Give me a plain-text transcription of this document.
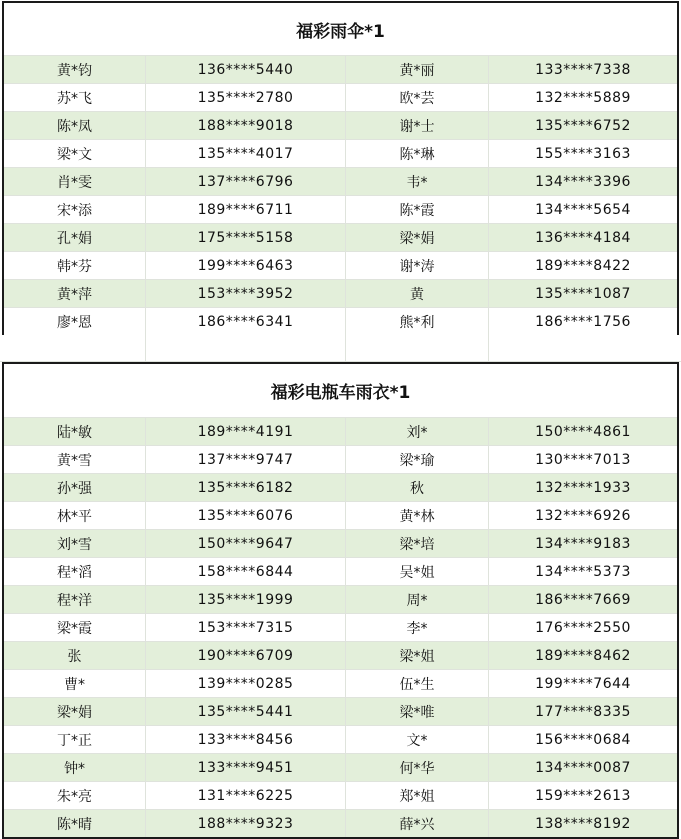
福彩雨伞*1
黄*钧	136****5440	黄*丽	133****7338
苏*飞	135****2780	欧*芸	132****5889
陈*凤	188****9018	谢*士	135****6752
梁*文	135****4017	陈*琳	155****3163
肖*雯	137****6796	韦*	134****3396
宋*添	189****6711	陈*霞	134****5654
孔*娟	175****5158	梁*娟	136****4184
韩*芬	199****6463	谢*涛	189****8422
黄*萍	153****3952	黄	135****1087
廖*恩	186****6341	熊*利	186****1756
福彩电瓶车雨衣*1
陆*敏	189****4191	刘*	150****4861
黄*雪	137****9747	梁*瑜	130****7013
孙*强	135****6182	秋	132****1933
林*平	135****6076	黄*林	132****6926
刘*雪	150****9647	梁*培	134****9183
程*滔	158****6844	吴*姐	134****5373
程*洋	135****1999	周*	186****7669
梁*霞	153****7315	李*	176****2550
张	190****6709	梁*姐	189****8462
曹*	139****0285	伍*生	199****7644
梁*娟	135****5441	梁*唯	177****8335
丁*正	133****8456	文*	156****0684
钟*	133****9451	何*华	134****0087
朱*亮	131****6225	郑*姐	159****2613
陈*晴	188****9323	薛*兴	138****8192
